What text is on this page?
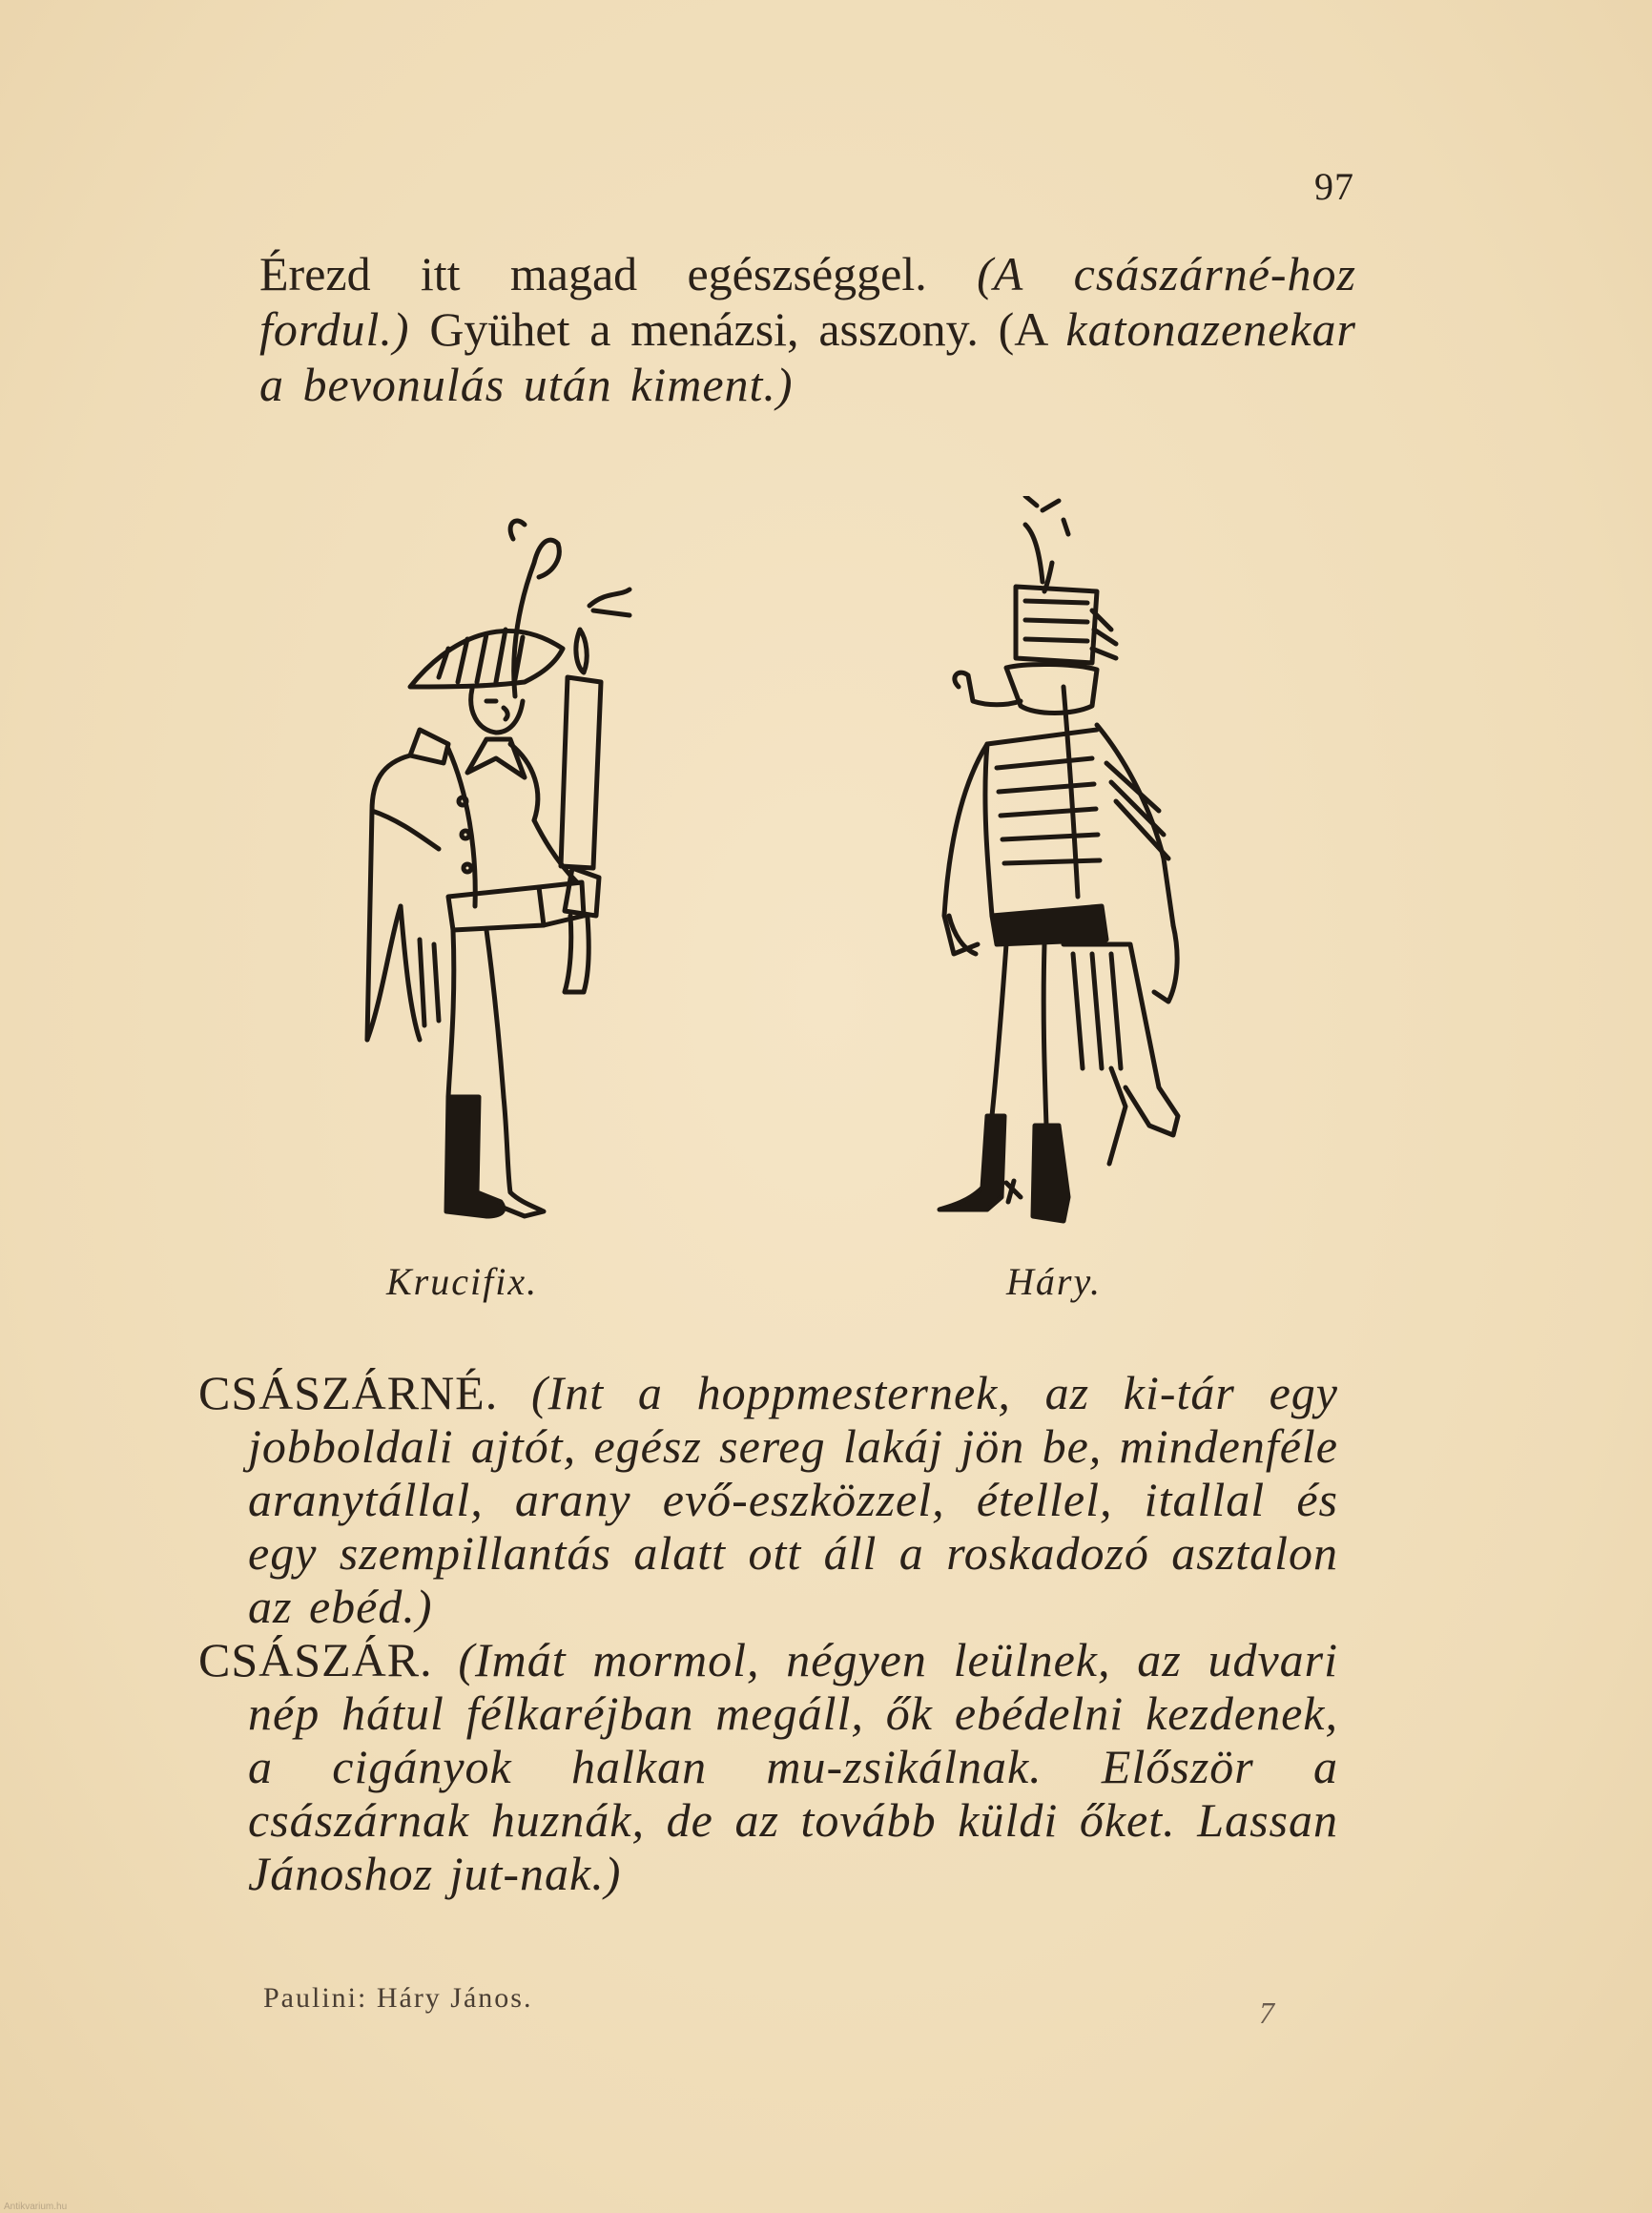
97

Érezd itt magad egészséggel. (A császárné-hoz fordul.) Gyühet a menázsi, asszony. (A katonazenekar a bevonulás után kiment.)

Krucifix.	Háry.

CSÁSZÁRNÉ. (Int a hoppmesternek, az ki-tár egy jobboldali ajtót, egész sereg lakáj jön be, mindenféle aranytállal, arany evő-eszközzel, étellel, itallal és egy szempillantás alatt ott áll a roskadozó asztalon az ebéd.)

CSÁSZÁR. (Imát mormol, négyen leülnek, az udvari nép hátul félkaréjban megáll, ők ebédelni kezdenek, a cigányok halkan mu-zsikálnak. Először a császárnak huznák, de az tovább küldi őket. Lassan Jánoshoz jut-nak.)

Paulini: Háry János.	7
Antikvarium.hu
